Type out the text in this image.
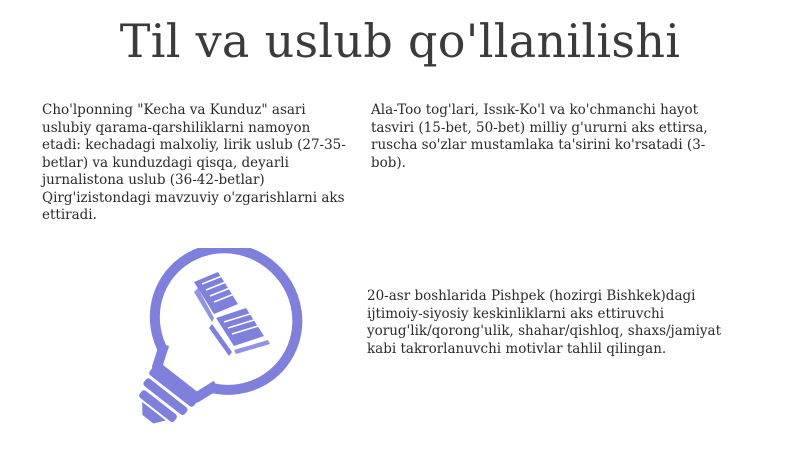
Til va uslub qo'llanilishi
Cho'lponning "Kecha va Kunduz" asari uslubiy qarama-qarshiliklarni namoyon etadi: kechadagi malxoliy, lirik uslub (27-35-betlar) va kunduzdagi qisqa, deyarli jurnalistona uslub (36-42-betlar) Qirg'izistondagi mavzuviy o'zgarishlarni aks ettiradi.
Ala-Too tog'lari, Issık-Ko'l va ko'chmanchi hayot tasviri (15-bet, 50-bet) milliy g'ururni aks ettirsa, ruscha so'zlar mustamlaka ta'sirini ko'rsatadi (3-bob).
20-asr boshlarida Pishpek (hozirgi Bishkek)dagi ijtimoiy-siyosiy keskinliklarni aks ettiruvchi yorug'lik/qorong'ulik, shahar/qishloq, shaxs/jamiyat kabi takrorlanuvchi motivlar tahlil qilingan.
